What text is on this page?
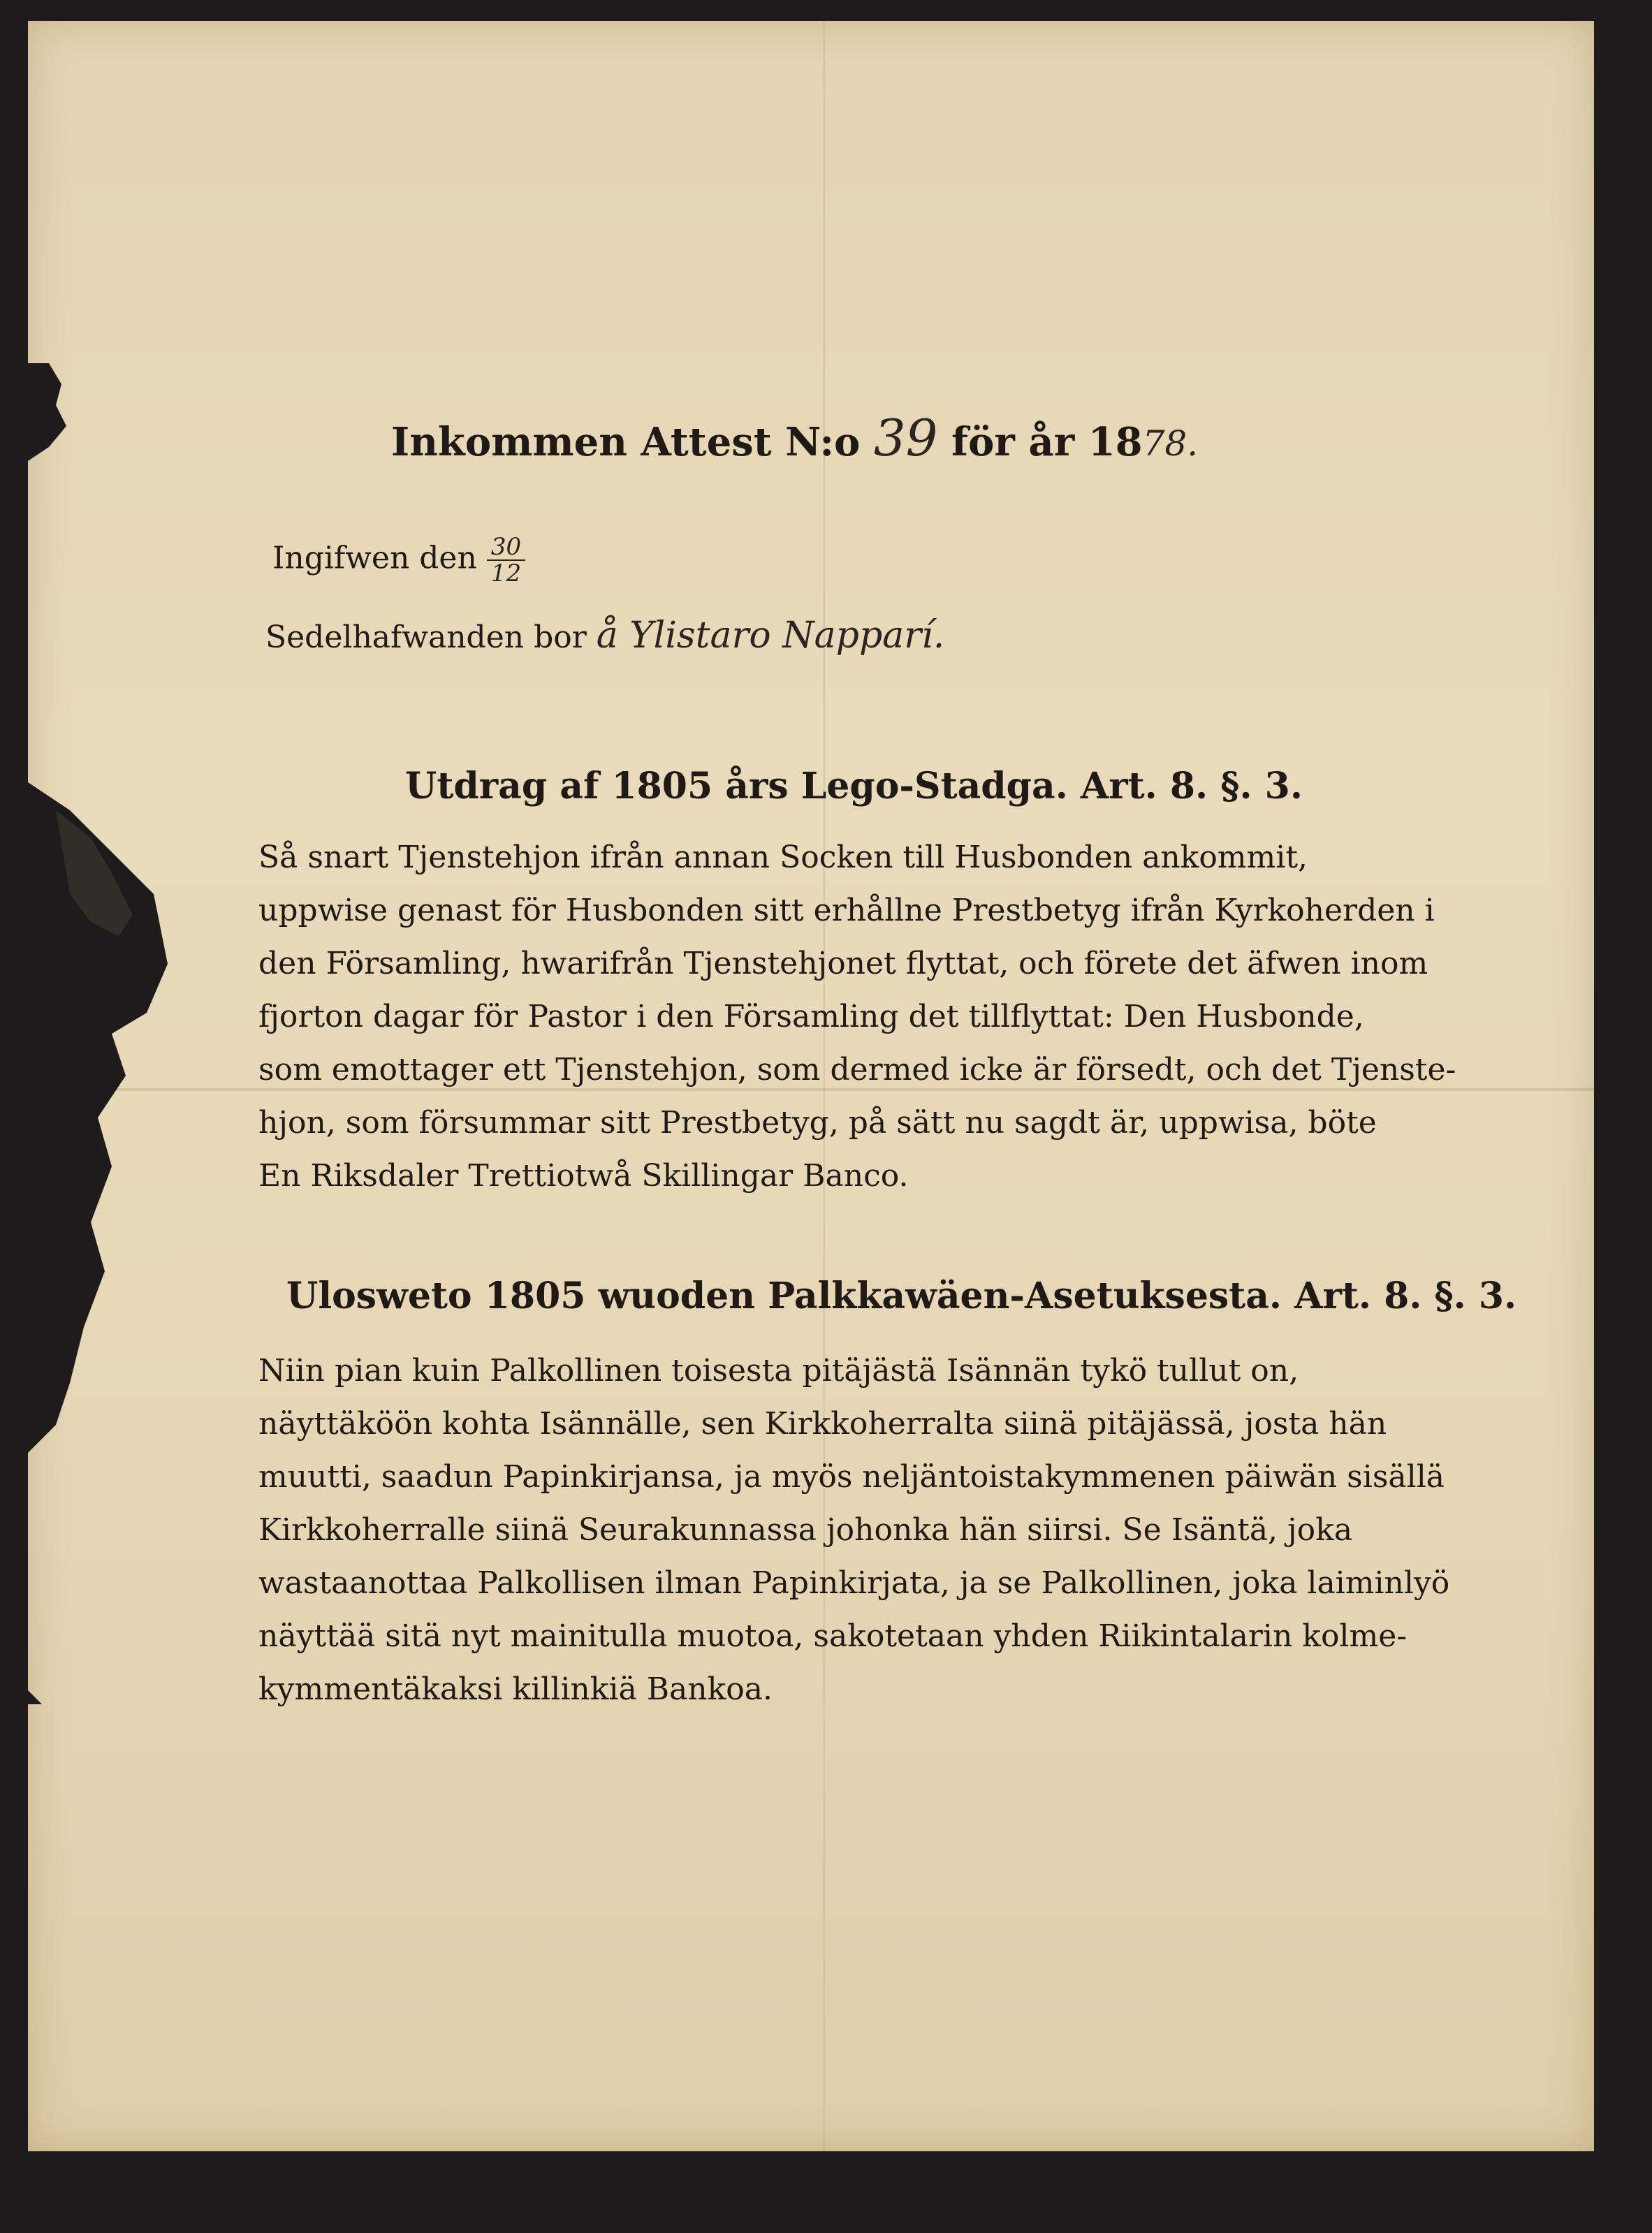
Inkommen Attest N:o 39 för år 1878.
Ingifwen den $\frac{30}{12}$
Sedelhafwanden bor å Ylistaro Napparí.
Utdrag af 1805 års Lego-Stadga. Art. 8. §. 3.
Så snart Tjenstehjon ifrån annan Socken till Husbonden ankommit,
uppwise genast för Husbonden sitt erhållne Prestbetyg ifrån Kyrkoherden i
den Församling, hwarifrån Tjenstehjonet flyttat, och förete det äfwen inom
fjorton dagar för Pastor i den Församling det tillflyttat: Den Husbonde,
som emottager ett Tjenstehjon, som dermed icke är försedt, och det Tjenste-
hjon, som försummar sitt Prestbetyg, på sätt nu sagdt är, uppwisa, böte
En Riksdaler Trettiotwå Skillingar Banco.
Ulosweto 1805 wuoden Palkkawäen-Asetuksesta. Art. 8. §. 3.
Niin pian kuin Palkollinen toisesta pitäjästä Isännän tykö tullut on,
näyttäköön kohta Isännälle, sen Kirkkoherralta siinä pitäjässä, josta hän
muutti, saadun Papinkirjansa, ja myös neljäntoistakymmenen päiwän sisällä
Kirkkoherralle siinä Seurakunnassa johonka hän siirsi. Se Isäntä, joka
wastaanottaa Palkollisen ilman Papinkirjata, ja se Palkollinen, joka laiminlyö
näyttää sitä nyt mainitulla muotoa, sakotetaan yhden Riikintalarin kolme-
kymmentäkaksi killinkiä Bankoa.
